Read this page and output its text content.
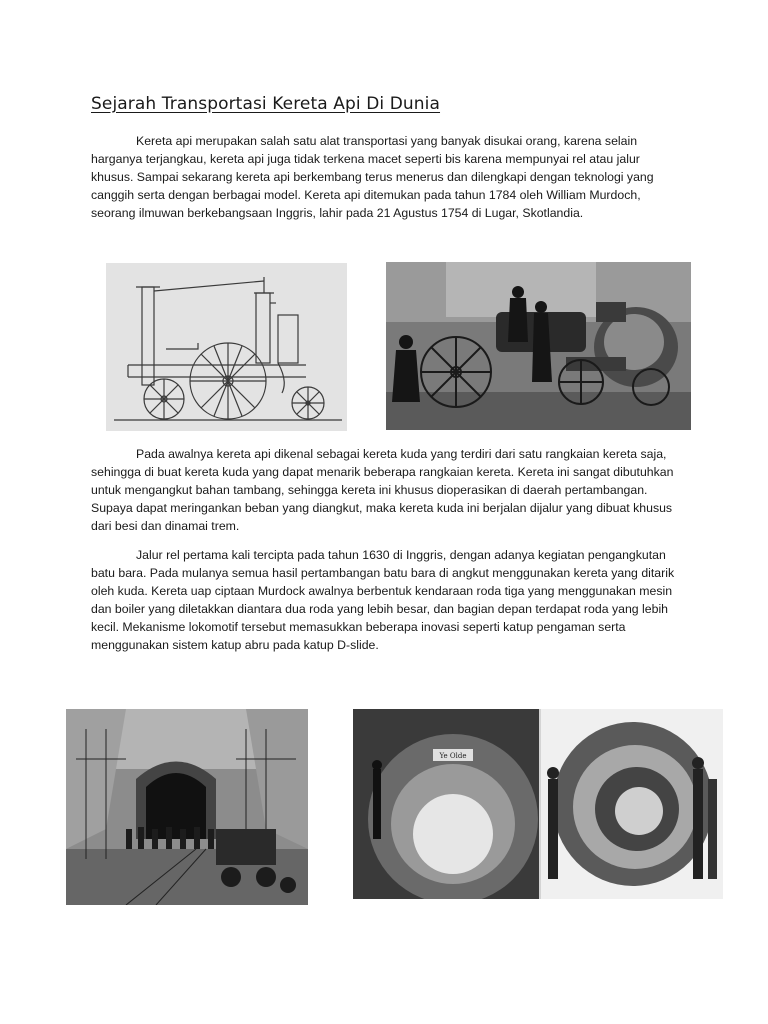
Sejarah Transportasi Kereta Api Di Dunia

Kereta api merupakan salah satu alat transportasi yang banyak disukai orang, karena selain harganya terjangkau, kereta api juga tidak terkena macet seperti bis karena mempunyai rel atau jalur khusus. Sampai sekarang kereta api berkembang terus menerus dan dilengkapi dengan teknologi yang canggih serta dengan berbagai model. Kereta api ditemukan pada tahun 1784 oleh William Murdoch, seorang ilmuwan berkebangsaan Inggris, lahir pada 21 Agustus 1754 di Lugar, Skotlandia.

Pada awalnya kereta api dikenal sebagai kereta kuda yang terdiri dari satu rangkaian kereta saja, sehingga di buat kereta kuda yang dapat menarik beberapa rangkaian kereta. Kereta ini sangat dibutuhkan untuk mengangkut bahan tambang, sehingga kereta ini khusus dioperasikan di daerah pertambangan. Supaya dapat meringankan beban yang diangkut, maka kereta kuda ini berjalan dijalur yang dibuat khusus dari besi dan dinamai trem.

Jalur rel pertama kali tercipta pada tahun 1630 di Inggris, dengan adanya kegiatan pengangkutan batu bara. Pada mulanya semua hasil pertambangan batu bara di angkut menggunakan kereta yang ditarik oleh kuda. Kereta uap ciptaan Murdock awalnya berbentuk kendaraan roda tiga yang menggunakan mesin dan boiler yang diletakkan diantara dua roda yang lebih besar, dan bagian depan terdapat roda yang lebih kecil. Mekanisme lokomotif tersebut memasukkan beberapa inovasi seperti katup pengaman serta menggunakan sistem katup abru pada katup D-slide.

Ye Olde
